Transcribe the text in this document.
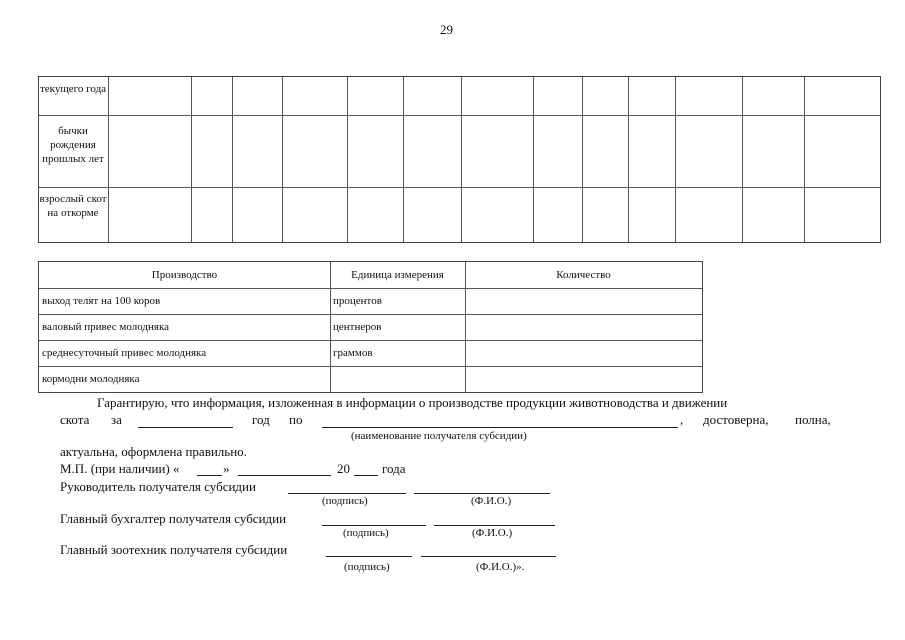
29
текущего года
бычки рождения прошлых лет
взрослый скот на откорме
Производство	Единица измерения	Количество
выход телят на 100 коров	процентов
валовый привес молодняка	центнеров
среднесуточный привес молодняка	граммов
кормодни молодняка
Гарантирую, что информация, изложенная в информации о производстве продукции животноводства и движении
скота за	год по	, достоверна, полна,
(наименование получателя субсидии)
актуальна, оформлена правильно.
М.П. (при наличии) «	»	20 года
Руководитель получателя субсидии
(подпись)	(Ф.И.О.)
Главный бухгалтер получателя субсидии
(подпись)	(Ф.И.О.)
Главный зоотехник получателя субсидии
(подпись)	(Ф.И.О.)».
